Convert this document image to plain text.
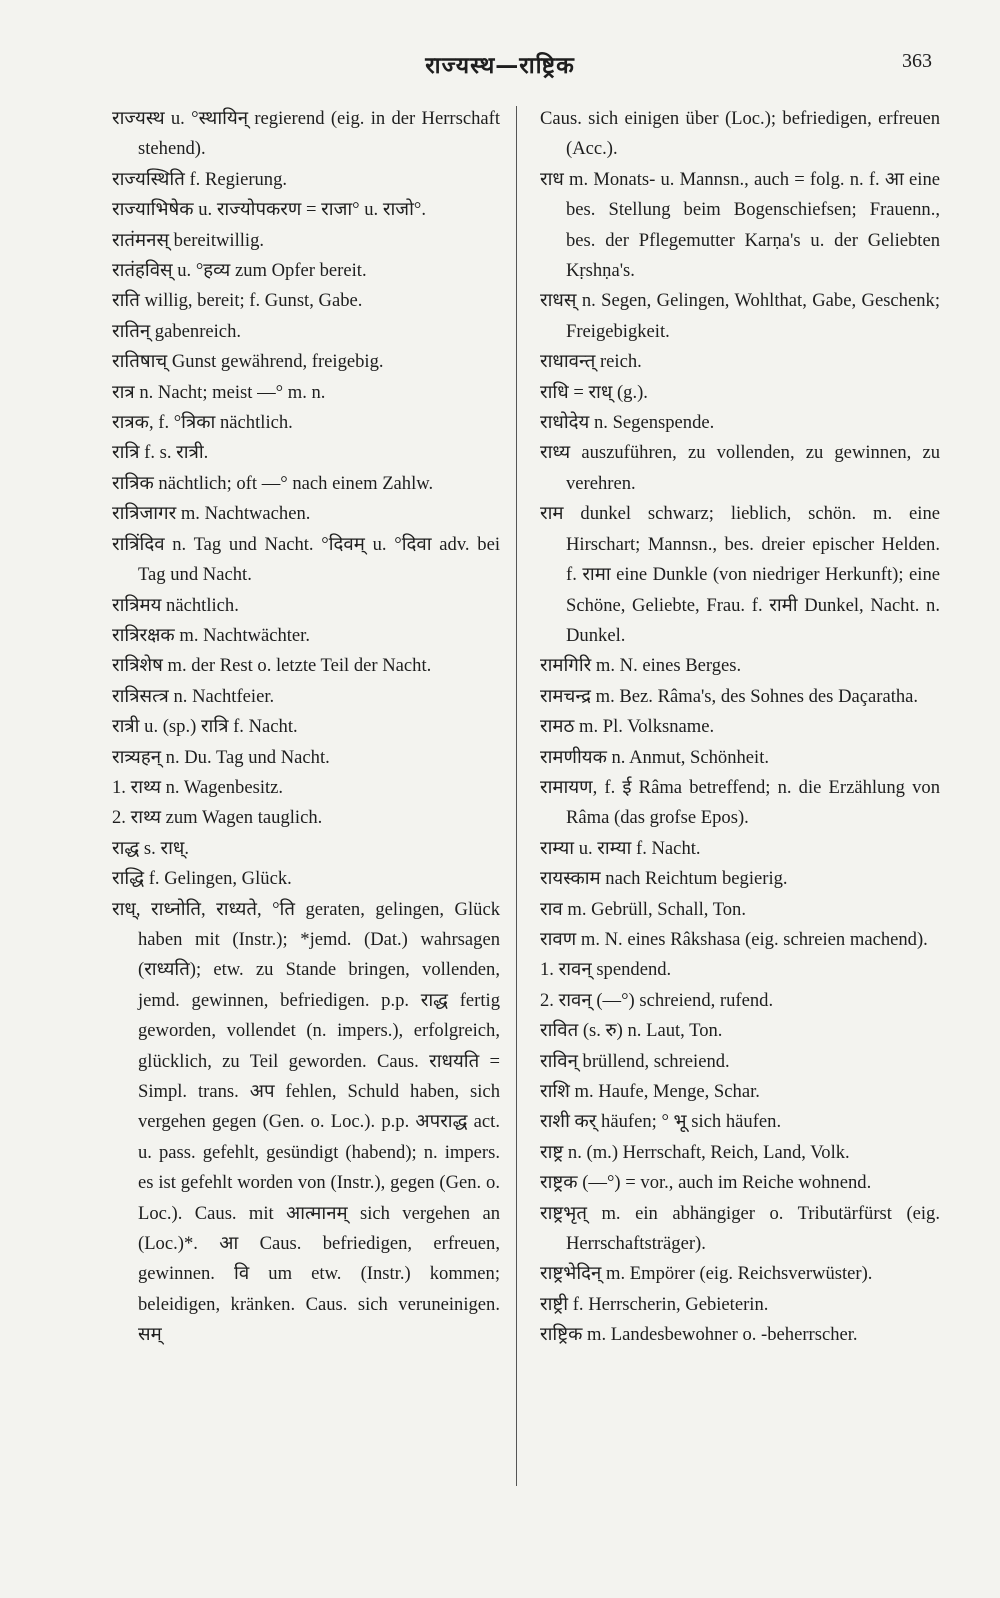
राज्यस्थ—राष्ट्रिक	363
राज्यस्थ u. °स्थायिन् regierend (eig. in der Herrschaft stehend).
राज्यस्थिति f. Regierung.
राज्याभिषेक u. राज्योपकरण = राजा° u. राजो°.
रातंमनस् bereitwillig.
रातंहविस् u. °हव्य zum Opfer bereit.
राति willig, bereit; f. Gunst, Gabe.
रातिन् gabenreich.
रातिषाच् Gunst gewährend, freigebig.
रात्र n. Nacht; meist —° m. n.
रात्रक, f. °त्रिका nächtlich.
रात्रि f. s. रात्री.
रात्रिक nächtlich; oft —° nach einem Zahlw.
रात्रिजागर m. Nachtwachen.
रात्रिंदिव n. Tag und Nacht. °दिवम् u. °दिवा adv. bei Tag und Nacht.
रात्रिमय nächtlich.
रात्रिरक्षक m. Nachtwächter.
रात्रिशेष m. der Rest o. letzte Teil der Nacht.
रात्रिसत्त्र n. Nachtfeier.
रात्री u. (sp.) रात्रि f. Nacht.
रात्र्यहन् n. Du. Tag und Nacht.
1. राथ्य n. Wagenbesitz.
2. राथ्य zum Wagen tauglich.
राद्ध s. राध्.
राद्धि f. Gelingen, Glück.
राध्, राध्नोति, राध्यते, °ति geraten, gelingen, Glück haben mit (Instr.); *jemd. (Dat.) wahrsagen (राध्यति); etw. zu Stande bringen, vollenden, jemd. gewinnen, befriedigen. p.p. राद्ध fertig geworden, vollendet (n. impers.), erfolgreich, glücklich, zu Teil geworden. Caus. राधयति = Simpl. trans. अप fehlen, Schuld haben, sich vergehen gegen (Gen. o. Loc.). p.p. अपराद्ध act. u. pass. gefehlt, gesündigt (habend); n. impers. es ist gefehlt worden von (Instr.), gegen (Gen. o. Loc.). Caus. mit आत्मानम् sich vergehen an (Loc.)*. आ Caus. befriedigen, erfreuen, gewinnen. वि um etw. (Instr.) kommen; beleidigen, kränken. Caus. sich veruneinigen. सम्
Caus. sich einigen über (Loc.); befriedigen, erfreuen (Acc.).
राध m. Monats- u. Mannsn., auch = folg. n. f. आ eine bes. Stellung beim Bogenschiefsen; Frauenn., bes. der Pflegemutter Karṇa's u. der Geliebten Kṛshṇa's.
राधस् n. Segen, Gelingen, Wohlthat, Gabe, Geschenk; Freigebigkeit.
राधावन्त् reich.
राधि = राध् (g.).
राधोदेय n. Segenspende.
राध्य auszuführen, zu vollenden, zu gewinnen, zu verehren.
राम dunkel schwarz; lieblich, schön. m. eine Hirschart; Mannsn., bes. dreier epischer Helden. f. रामा eine Dunkle (von niedriger Herkunft); eine Schöne, Geliebte, Frau. f. रामी Dunkel, Nacht. n. Dunkel.
रामगिरि m. N. eines Berges.
रामचन्द्र m. Bez. Râma's, des Sohnes des Daçaratha.
रामठ m. Pl. Volksname.
रामणीयक n. Anmut, Schönheit.
रामायण, f. ई Râma betreffend; n. die Erzählung von Râma (das grofse Epos).
राम्या u. राम्या f. Nacht.
रायस्काम nach Reichtum begierig.
राव m. Gebrüll, Schall, Ton.
रावण m. N. eines Râkshasa (eig. schreien machend).
1. रावन् spendend.
2. रावन् (—°) schreiend, rufend.
रावित (s. रु) n. Laut, Ton.
राविन् brüllend, schreiend.
राशि m. Haufe, Menge, Schar.
राशी कर् häufen; ° भू sich häufen.
राष्ट्र n. (m.) Herrschaft, Reich, Land, Volk.
राष्ट्रक (—°) = vor., auch im Reiche wohnend.
राष्ट्रभृत् m. ein abhängiger o. Tributärfürst (eig. Herrschaftsträger).
राष्ट्रभेदिन् m. Empörer (eig. Reichsverwüster).
राष्ट्री f. Herrscherin, Gebieterin.
राष्ट्रिक m. Landesbewohner o. -beherrscher.
